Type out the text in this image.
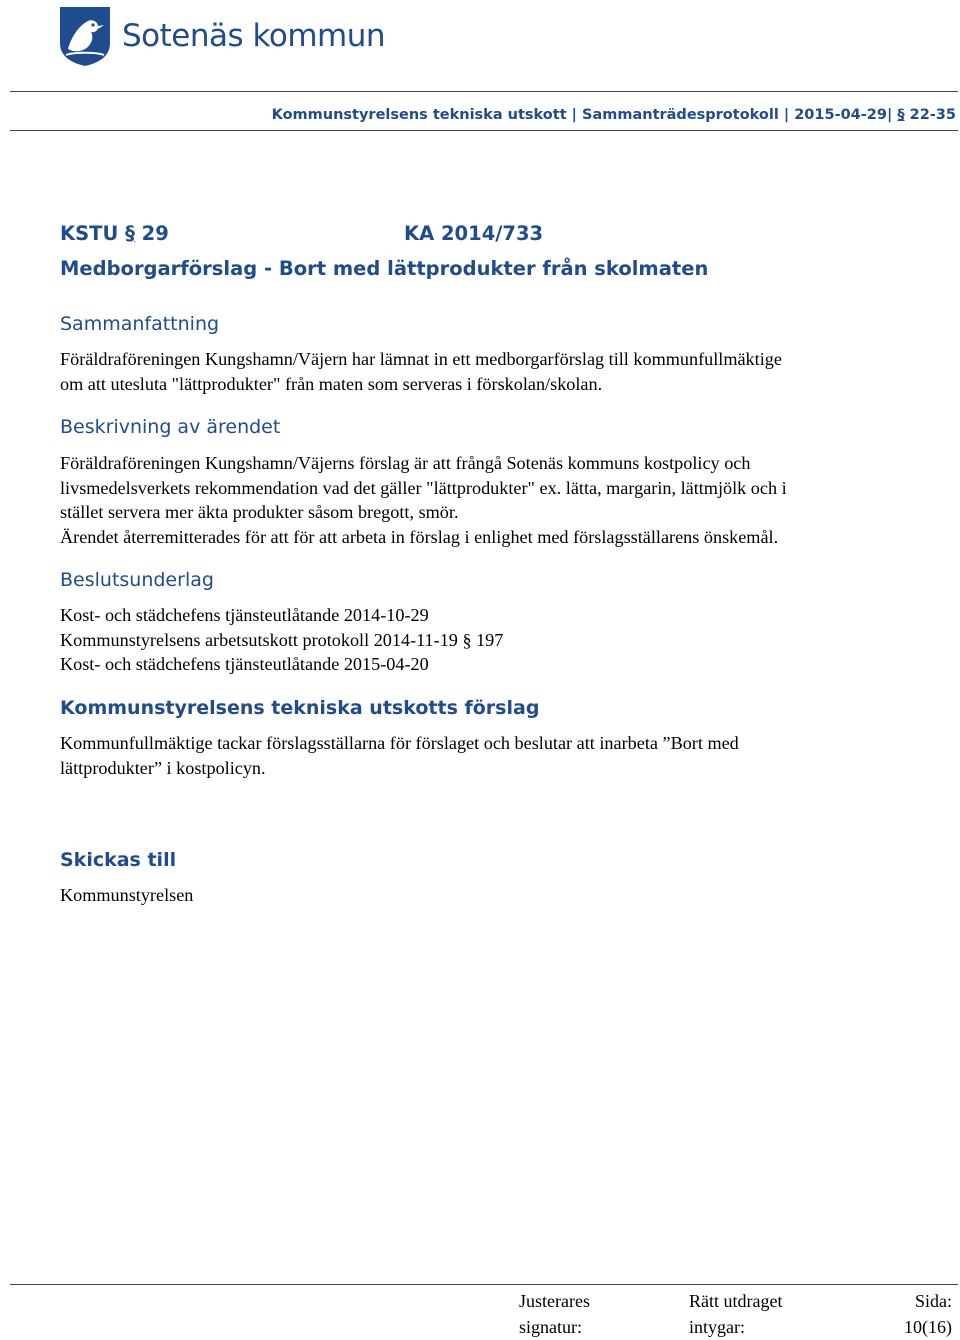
Sotenäs kommun
Kommunstyrelsens tekniska utskott | Sammanträdesprotokoll | 2015-04-29| § 22-35
KSTU § 29	KA 2014/733
Medborgarförslag - Bort med lättprodukter från skolmaten
Sammanfattning
Föräldraföreningen Kungshamn/Väjern har lämnat in ett medborgarförslag till kommunfullmäktige
om att utesluta "lättprodukter" från maten som serveras i förskolan/skolan.
Beskrivning av ärendet
Föräldraföreningen Kungshamn/Väjerns förslag är att frångå Sotenäs kommuns kostpolicy och
livsmedelsverkets rekommendation vad det gäller "lättprodukter" ex. lätta, margarin, lättmjölk och i
stället servera mer äkta produkter såsom bregott, smör.
Ärendet återremitterades för att för att arbeta in förslag i enlighet med förslagsställarens önskemål.
Beslutsunderlag
Kost- och städchefens tjänsteutlåtande 2014-10-29
Kommunstyrelsens arbetsutskott protokoll 2014-11-19 § 197
Kost- och städchefens tjänsteutlåtande 2015-04-20
Kommunstyrelsens tekniska utskotts förslag
Kommunfullmäktige tackar förslagsställarna för förslaget och beslutar att inarbeta ”Bort med
lättprodukter” i kostpolicyn.
Skickas till
Kommunstyrelsen
Justerares
signatur:
Rätt utdraget
intygar:
Sida:
10(16)
